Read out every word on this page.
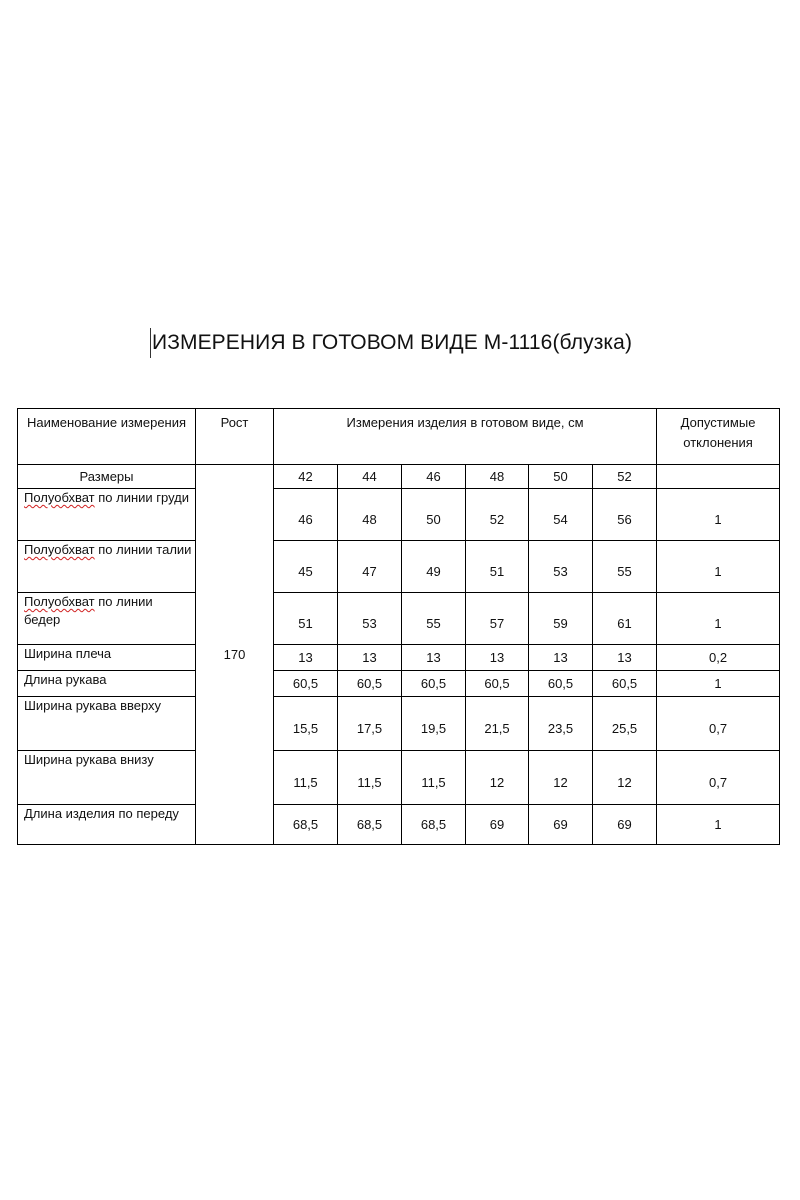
ИЗМЕРЕНИЯ В ГОТОВОМ ВИДЕ М-1116(блузка)
Наименование измерения	Рост	Измерения изделия в готовом виде, см						Допустимые отклонения
Размеры	170	42	44	46	48	50	52	
Полуобхват по линии груди		46	48	50	52	54	56	1
Полуобхват по линии талии		45	47	49	51	53	55	1
Полуобхват по линии бедер		51	53	55	57	59	61	1
Ширина плеча		13	13	13	13	13	13	0,2
Длина рукава		60,5	60,5	60,5	60,5	60,5	60,5	1
Ширина рукава вверху		15,5	17,5	19,5	21,5	23,5	25,5	0,7
Ширина рукава внизу		11,5	11,5	11,5	12	12	12	0,7
Длина изделия по переду		68,5	68,5	68,5	69	69	69	1
